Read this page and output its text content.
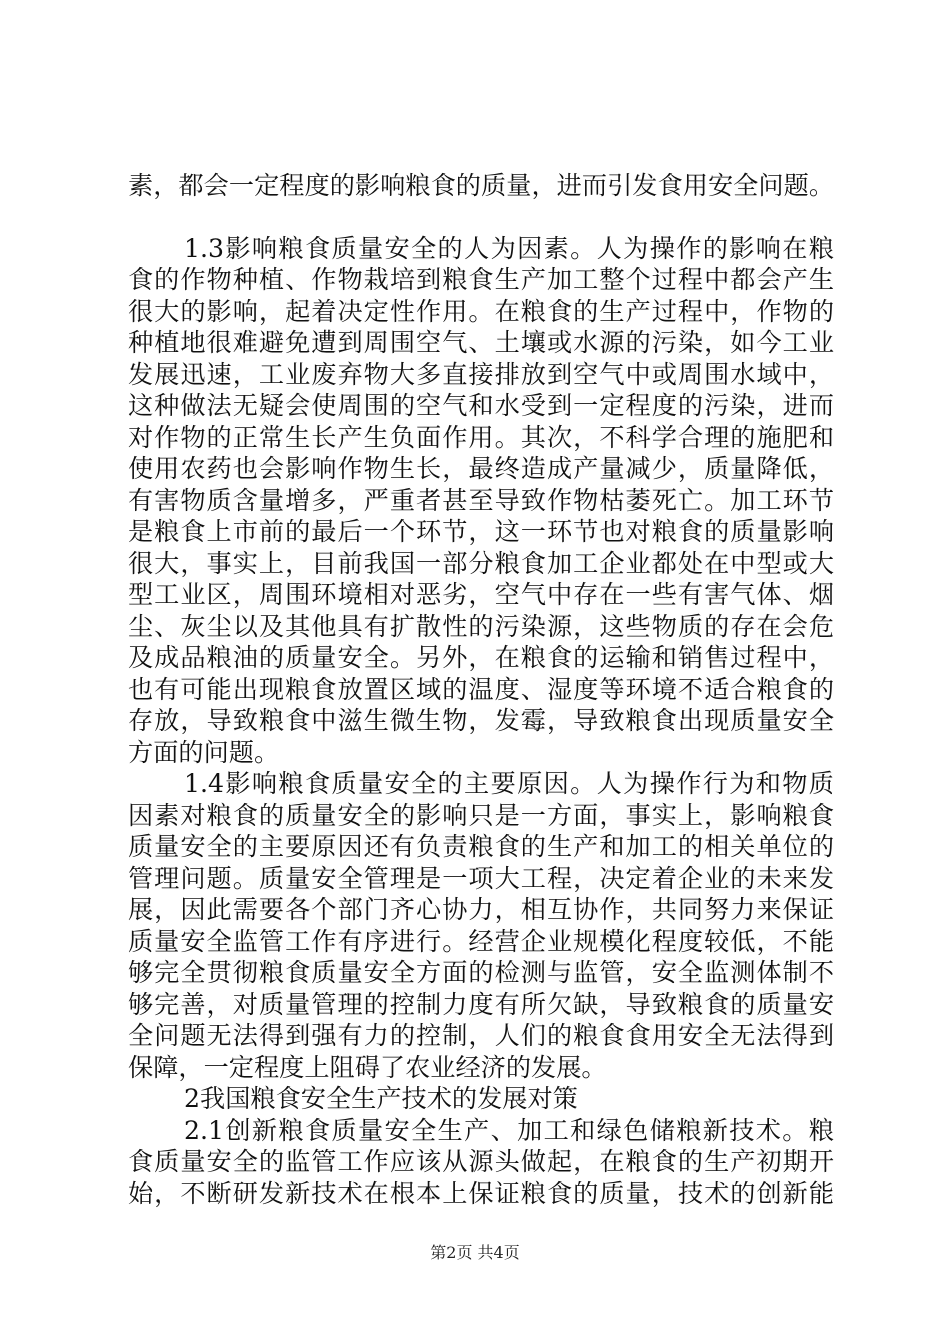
素，都会一定程度的影响粮食的质量，进而引发食用安全问题。
1.3影响粮食质量安全的人为因素。人为操作的影响在粮
食的作物种植、作物栽培到粮食生产加工整个过程中都会产生
很大的影响，起着决定性作用。在粮食的生产过程中，作物的
种植地很难避免遭到周围空气、土壤或水源的污染，如今工业
发展迅速，工业废弃物大多直接排放到空气中或周围水域中，
这种做法无疑会使周围的空气和水受到一定程度的污染，进而
对作物的正常生长产生负面作用。其次，不科学合理的施肥和
使用农药也会影响作物生长，最终造成产量减少，质量降低，
有害物质含量增多，严重者甚至导致作物枯萎死亡。加工环节
是粮食上市前的最后一个环节，这一环节也对粮食的质量影响
很大，事实上，目前我国一部分粮食加工企业都处在中型或大
型工业区，周围环境相对恶劣，空气中存在一些有害气体、烟
尘、灰尘以及其他具有扩散性的污染源，这些物质的存在会危
及成品粮油的质量安全。另外，在粮食的运输和销售过程中，
也有可能出现粮食放置区域的温度、湿度等环境不适合粮食的
存放，导致粮食中滋生微生物，发霉，导致粮食出现质量安全
方面的问题。
1.4影响粮食质量安全的主要原因。人为操作行为和物质
因素对粮食的质量安全的影响只是一方面，事实上，影响粮食
质量安全的主要原因还有负责粮食的生产和加工的相关单位的
管理问题。质量安全管理是一项大工程，决定着企业的未来发
展，因此需要各个部门齐心协力，相互协作，共同努力来保证
质量安全监管工作有序进行。经营企业规模化程度较低，不能
够完全贯彻粮食质量安全方面的检测与监管，安全监测体制不
够完善，对质量管理的控制力度有所欠缺，导致粮食的质量安
全问题无法得到强有力的控制，人们的粮食食用安全无法得到
保障，一定程度上阻碍了农业经济的发展。
2我国粮食安全生产技术的发展对策
2.1创新粮食质量安全生产、加工和绿色储粮新技术。粮
食质量安全的监管工作应该从源头做起，在粮食的生产初期开
始，不断研发新技术在根本上保证粮食的质量，技术的创新能
第2页 共4页
